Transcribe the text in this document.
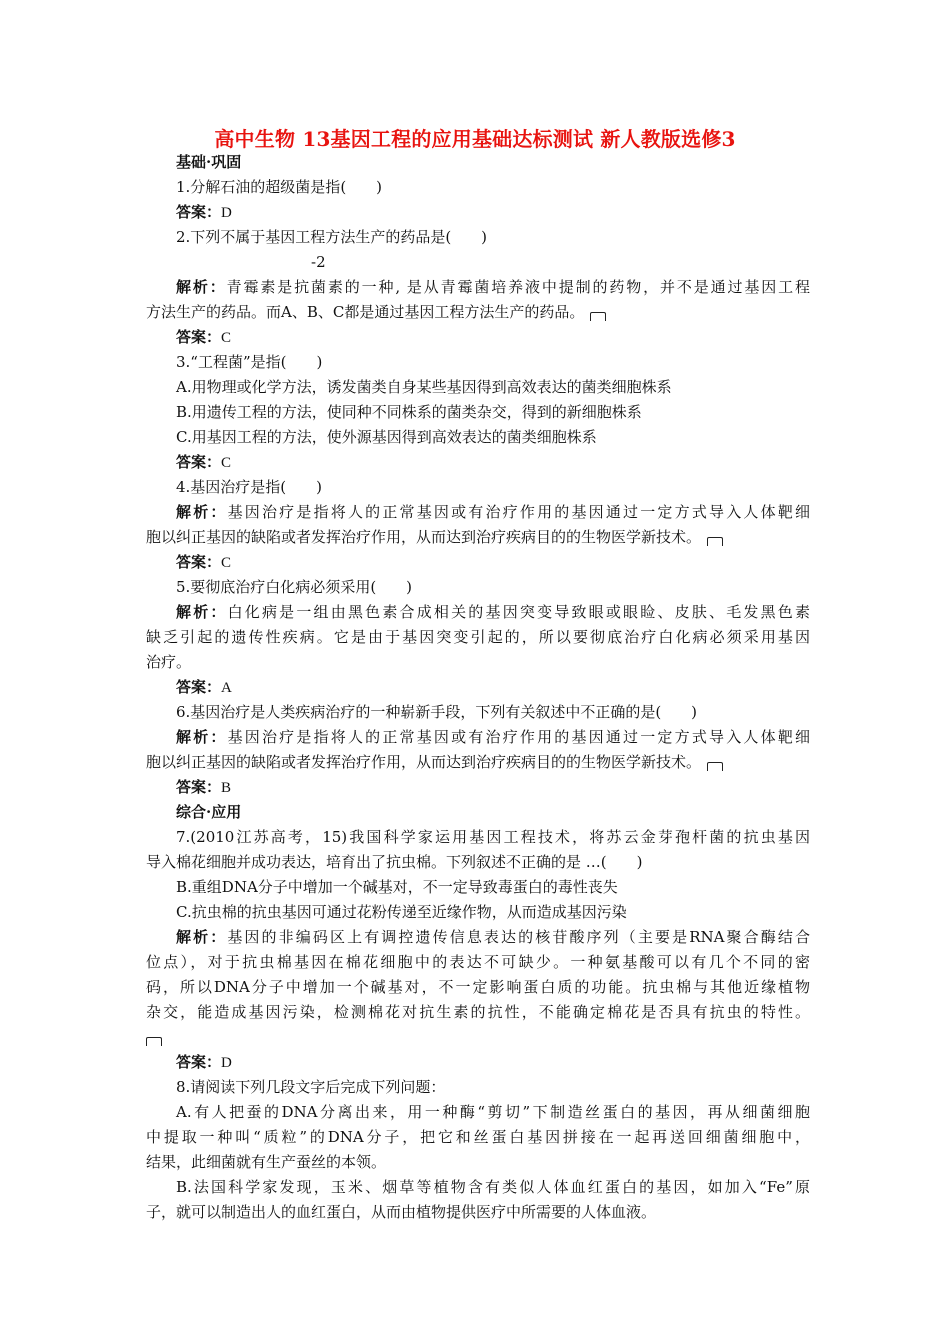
高中生物 13基因工程的应用基础达标测试 新人教版选修3
基础·巩固
1.分解石油的超级菌是指(　　)
答案：D
2.下列不属于基因工程方法生产的药品是(　　)
-2
解析：青霉素是抗菌素的一种, 是从青霉菌培养液中提制的药物，并不是通过基因工程
方法生产的药品。而A、B、C都是通过基因工程方法生产的药品。
答案：C
3.“工程菌”是指(　　)
A.用物理或化学方法，诱发菌类自身某些基因得到高效表达的菌类细胞株系
B.用遗传工程的方法，使同种不同株系的菌类杂交，得到的新细胞株系
C.用基因工程的方法，使外源基因得到高效表达的菌类细胞株系
答案：C
4.基因治疗是指(　　)
解析：基因治疗是指将人的正常基因或有治疗作用的基因通过一定方式导入人体靶细
胞以纠正基因的缺陷或者发挥治疗作用，从而达到治疗疾病目的的生物医学新技术。
答案：C
5.要彻底治疗白化病必须采用(　　)
解析：白化病是一组由黑色素合成相关的基因突变导致眼或眼睑、皮肤、毛发黑色素
缺乏引起的遗传性疾病。它是由于基因突变引起的，所以要彻底治疗白化病必须采用基因
治疗。
答案：A
6.基因治疗是人类疾病治疗的一种崭新手段，下列有关叙述中不正确的是(　　)
解析：基因治疗是指将人的正常基因或有治疗作用的基因通过一定方式导入人体靶细
胞以纠正基因的缺陷或者发挥治疗作用，从而达到治疗疾病目的的生物医学新技术。
答案：B
综合·应用
7.(2010江苏高考，15)我国科学家运用基因工程技术，将苏云金芽孢杆菌的抗虫基因
导入棉花细胞并成功表达，培育出了抗虫棉。下列叙述不正确的是 …(　　)
B.重组DNA分子中增加一个碱基对，不一定导致毒蛋白的毒性丧失
C.抗虫棉的抗虫基因可通过花粉传递至近缘作物，从而造成基因污染
解析：基因的非编码区上有调控遗传信息表达的核苷酸序列（主要是RNA聚合酶结合
位点），对于抗虫棉基因在棉花细胞中的表达不可缺少。一种氨基酸可以有几个不同的密
码，所以DNA分子中增加一个碱基对，不一定影响蛋白质的功能。抗虫棉与其他近缘植物
杂交，能造成基因污染，检测棉花对抗生素的抗性，不能确定棉花是否具有抗虫的特性。
答案：D
8.请阅读下列几段文字后完成下列问题：
A.有人把蚕的DNA分离出来，用一种酶“剪切”下制造丝蛋白的基因，再从细菌细胞
中提取一种叫“质粒”的DNA分子，把它和丝蛋白基因拼接在一起再送回细菌细胞中，
结果，此细菌就有生产蚕丝的本领。
B.法国科学家发现，玉米、烟草等植物含有类似人体血红蛋白的基因，如加入“Fe”原
子，就可以制造出人的血红蛋白，从而由植物提供医疗中所需要的人体血液。
